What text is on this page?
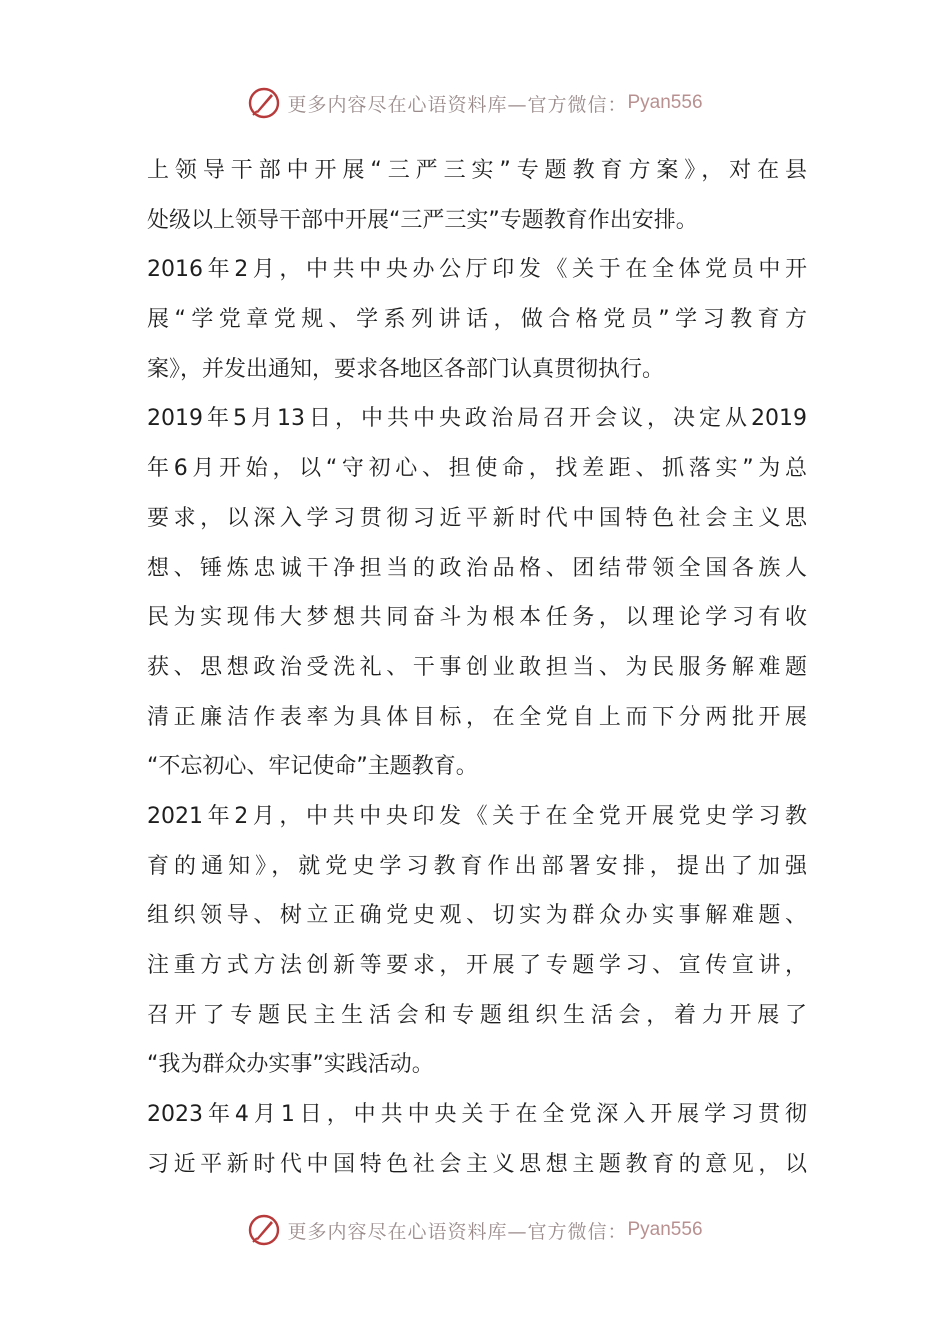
更多内容尽在心语资料库—官方微信： Pyan556
上领导干部中开展“三严三实”专题教育方案》，对在县
处级以上领导干部中开展“三严三实”专题教育作出安排。
2016年2月，中共中央办公厅印发《关于在全体党员中开
展“学党章党规、学系列讲话，做合格党员”学习教育方
案》，并发出通知，要求各地区各部门认真贯彻执行。
2019年5月13日，中共中央政治局召开会议，决定从2019
年6月开始，以“守初心、担使命，找差距、抓落实”为总
要求，以深入学习贯彻习近平新时代中国特色社会主义思
想、锤炼忠诚干净担当的政治品格、团结带领全国各族人
民为实现伟大梦想共同奋斗为根本任务，以理论学习有收
获、思想政治受洗礼、干事创业敢担当、为民服务解难题
清正廉洁作表率为具体目标，在全党自上而下分两批开展
“不忘初心、牢记使命”主题教育。
2021年2月，中共中央印发《关于在全党开展党史学习教
育的通知》，就党史学习教育作出部署安排，提出了加强
组织领导、树立正确党史观、切实为群众办实事解难题、
注重方式方法创新等要求，开展了专题学习、宣传宣讲，
召开了专题民主生活会和专题组织生活会，着力开展了
“我为群众办实事”实践活动。
2023年4月1日，中共中央关于在全党深入开展学习贯彻
习近平新时代中国特色社会主义思想主题教育的意见，以
更多内容尽在心语资料库—官方微信： Pyan556
